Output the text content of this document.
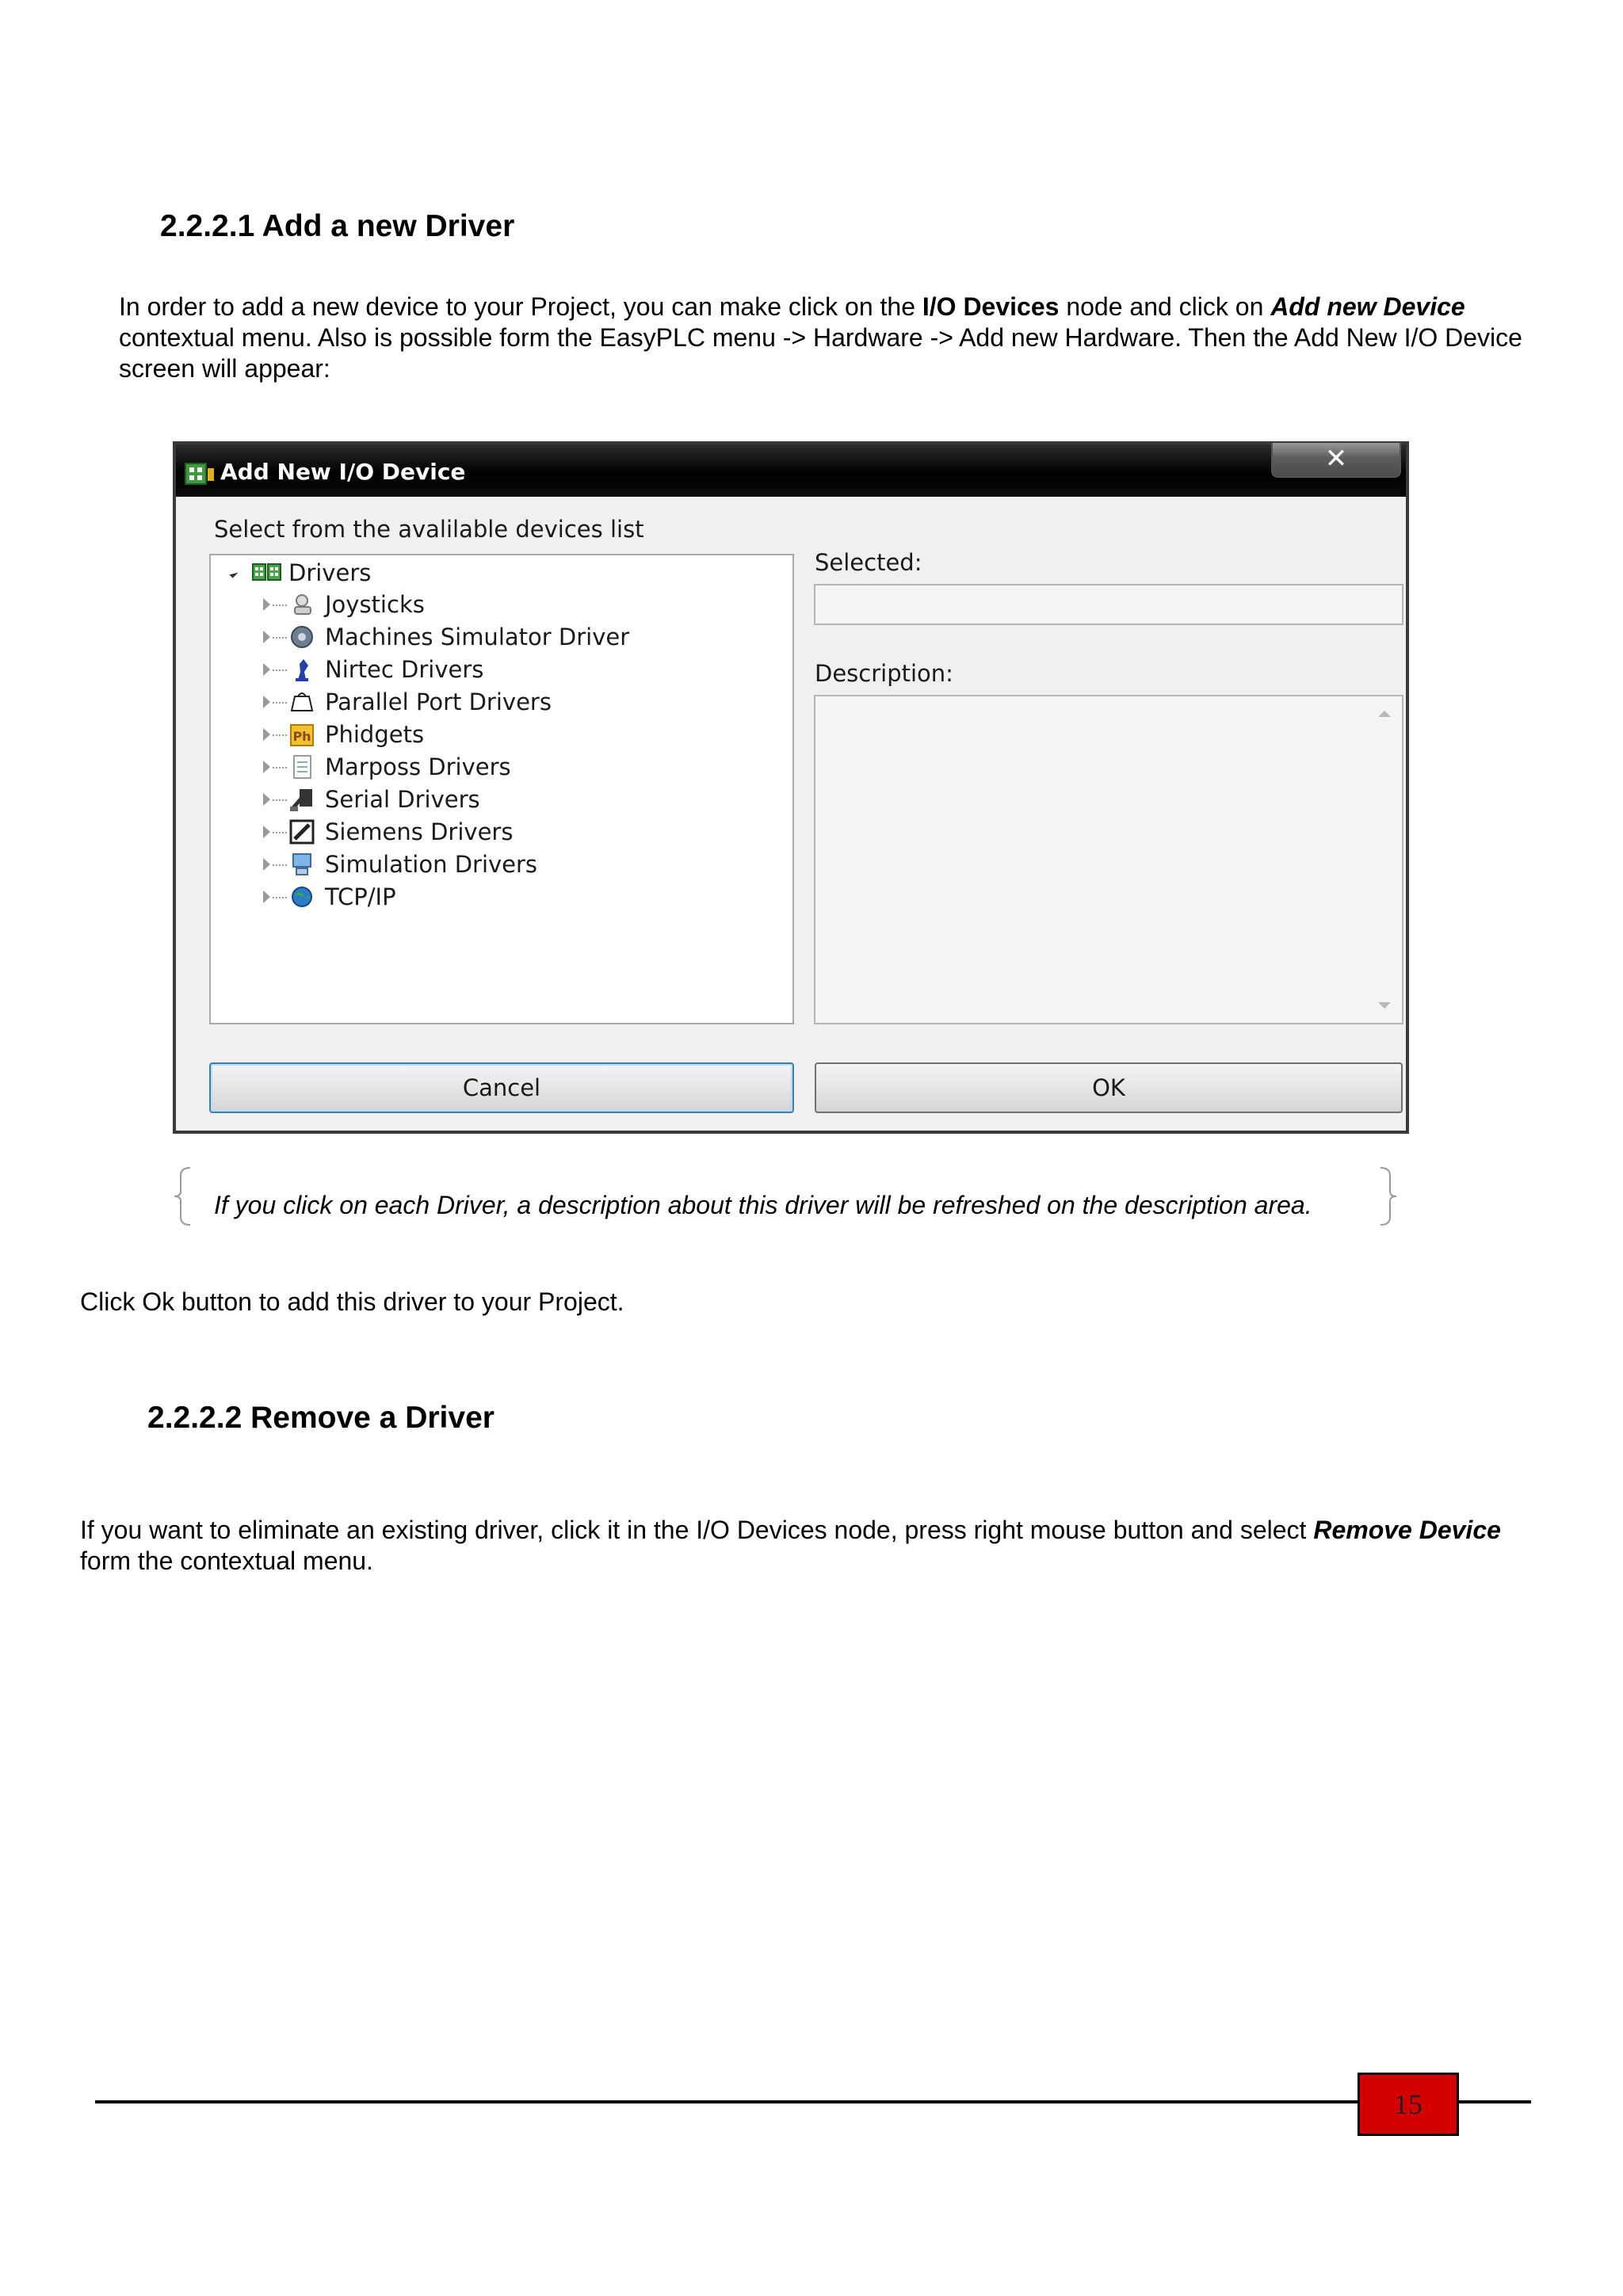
2.2.2.1 Add a new Driver
In order to add a new device to your Project, you can make click on the I/O Devices node and click on Add new Device contextual menu. Also is possible form the EasyPLC menu -> Hardware -> Add new Hardware. Then the Add New I/O Device screen will appear:
Add New I/O Device	✕
Select from the avalilable devices list
Drivers
Joysticks
Machines Simulator Driver
Nirtec Drivers
Parallel Port Drivers
Ph Phidgets
Marposs Drivers
Serial Drivers
Siemens Drivers
Simulation Drivers
TCP/IP
Selected:
Description:
Cancel	OK
If you click on each Driver, a description about this driver will be refreshed on the description area.
Click Ok button to add this driver to your Project.
2.2.2.2 Remove a Driver
If you want to eliminate an existing driver, click it in the I/O Devices node, press right mouse button and select Remove Device form the contextual menu.
15
